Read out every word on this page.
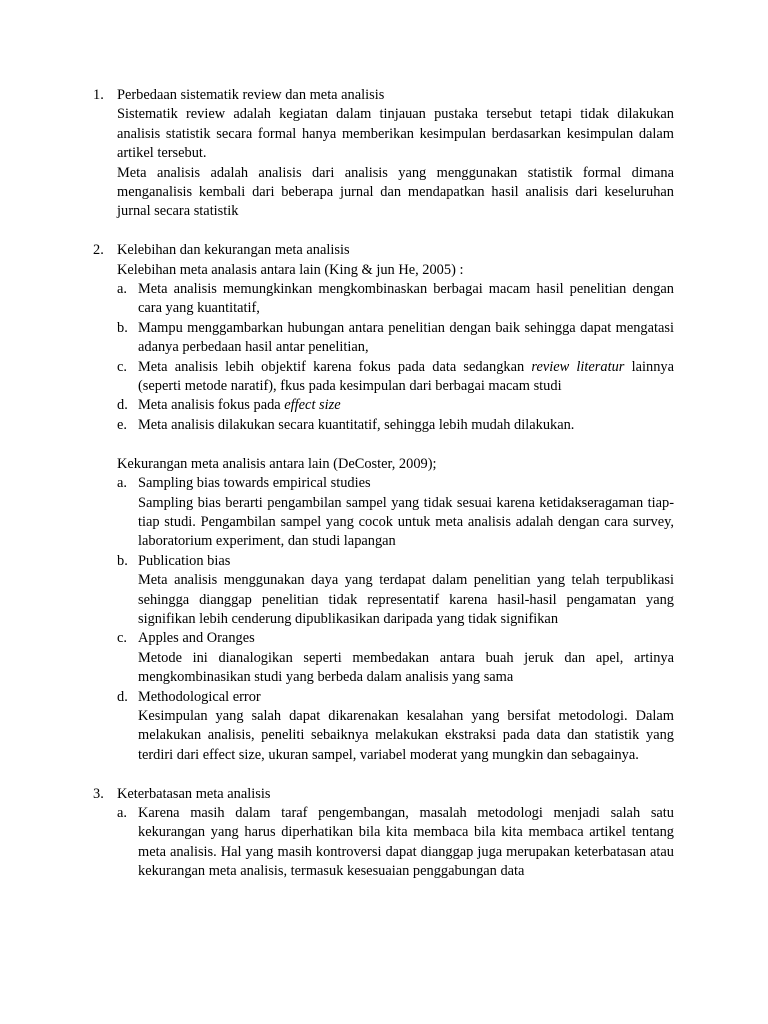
1. Perbedaan sistematik review dan meta analisis

Sistematik review adalah kegiatan dalam tinjauan pustaka tersebut tetapi tidak dilakukan analisis statistik secara formal hanya memberikan kesimpulan berdasarkan kesimpulan dalam artikel tersebut.

Meta analisis adalah analisis dari analisis yang menggunakan statistik formal dimana menganalisis kembali dari beberapa jurnal dan mendapatkan hasil analisis dari keseluruhan jurnal secara statistik

2. Kelebihan dan kekurangan meta analisis

Kelebihan meta analasis antara lain (King & jun He, 2005) :

a. Meta analisis memungkinkan mengkombinaskan berbagai macam hasil penelitian dengan cara yang kuantitatif,

b. Mampu menggambarkan hubungan antara penelitian dengan baik sehingga dapat mengatasi adanya perbedaan hasil antar penelitian,

c. Meta analisis lebih objektif karena fokus pada data sedangkan review literatur lainnya (seperti metode naratif), fkus pada kesimpulan dari berbagai macam studi

d. Meta analisis fokus pada effect size

e. Meta analisis dilakukan secara kuantitatif, sehingga lebih mudah dilakukan.

Kekurangan meta analisis antara lain (DeCoster, 2009);

a. Sampling bias towards empirical studies

Sampling bias berarti pengambilan sampel yang tidak sesuai karena ketidakseragaman tiap-tiap studi. Pengambilan sampel yang cocok untuk meta analisis adalah dengan cara survey, laboratorium experiment, dan studi lapangan

b. Publication bias

Meta analisis menggunakan daya yang terdapat dalam penelitian yang telah terpublikasi sehingga dianggap penelitian tidak representatif karena hasil-hasil pengamatan yang signifikan lebih cenderung dipublikasikan daripada yang tidak signifikan

c. Apples and Oranges

Metode ini dianalogikan seperti membedakan antara buah jeruk dan apel, artinya mengkombinasikan studi yang berbeda dalam analisis yang sama

d. Methodological error

Kesimpulan yang salah dapat dikarenakan kesalahan yang bersifat metodologi. Dalam melakukan analisis, peneliti sebaiknya melakukan ekstraksi pada data dan statistik yang terdiri dari effect size, ukuran sampel, variabel moderat yang mungkin dan sebagainya.

3. Keterbatasan meta analisis

a. Karena masih dalam taraf pengembangan, masalah metodologi menjadi salah satu kekurangan yang harus diperhatikan bila kita membaca bila kita membaca artikel tentang meta analisis. Hal yang masih kontroversi dapat dianggap juga merupakan keterbatasan atau kekurangan meta analisis, termasuk kesesuaian penggabungan data
